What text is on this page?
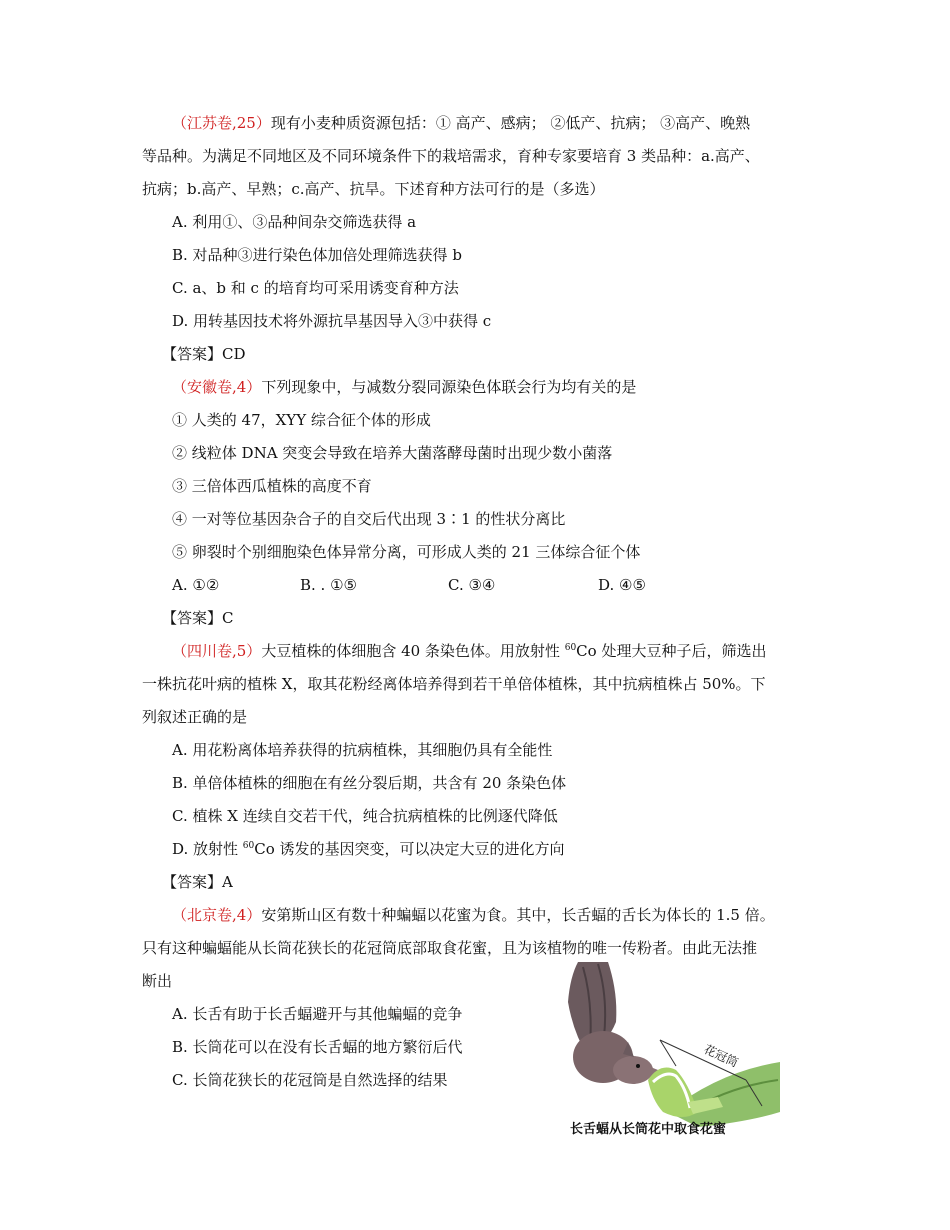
（江苏卷,25）现有小麦种质资源包括：① 高产、感病； ②低产、抗病； ③高产、晚熟
等品种。为满足不同地区及不同环境条件下的栽培需求，育种专家要培育 3 类品种：a.高产、
抗病；b.高产、早熟；c.高产、抗旱。下述育种方法可行的是（多选）
A. 利用①、③品种间杂交筛选获得 a
B. 对品种③进行染色体加倍处理筛选获得 b
C. a、b 和 c 的培育均可采用诱变育种方法
D. 用转基因技术将外源抗旱基因导入③中获得 c
【答案】CD
（安徽卷,4）下列现象中，与减数分裂同源染色体联会行为均有关的是
① 人类的 47，XYY 综合征个体的形成
② 线粒体 DNA 突变会导致在培养大菌落酵母菌时出现少数小菌落
③ 三倍体西瓜植株的高度不育
④ 一对等位基因杂合子的自交后代出现 3∶1 的性状分离比
⑤ 卵裂时个别细胞染色体异常分离，可形成人类的 21 三体综合征个体
A. ①②	B. . ①⑤	C. ③④	D. ④⑤
【答案】C
（四川卷,5）大豆植株的体细胞含 40 条染色体。用放射性 $^{60}$Co 处理大豆种子后，筛选出
一株抗花叶病的植株 X，取其花粉经离体培养得到若干单倍体植株，其中抗病植株占 50%。下
列叙述正确的是
A. 用花粉离体培养获得的抗病植株，其细胞仍具有全能性
B. 单倍体植株的细胞在有丝分裂后期，共含有 20 条染色体
C. 植株 X 连续自交若干代，纯合抗病植株的比例逐代降低
D. 放射性 $^{60}$Co 诱发的基因突变，可以决定大豆的进化方向
【答案】A
（北京卷,4）安第斯山区有数十种蝙蝠以花蜜为食。其中，长舌蝠的舌长为体长的 1.5 倍。
只有这种蝙蝠能从长筒花狭长的花冠筒底部取食花蜜，且为该植物的唯一传粉者。由此无法推
断出
A. 长舌有助于长舌蝠避开与其他蝙蝠的竞争
B. 长筒花可以在没有长舌蝠的地方繁衍后代
C. 长筒花狭长的花冠筒是自然选择的结果
花冠筒
长舌蝠从长筒花中取食花蜜
